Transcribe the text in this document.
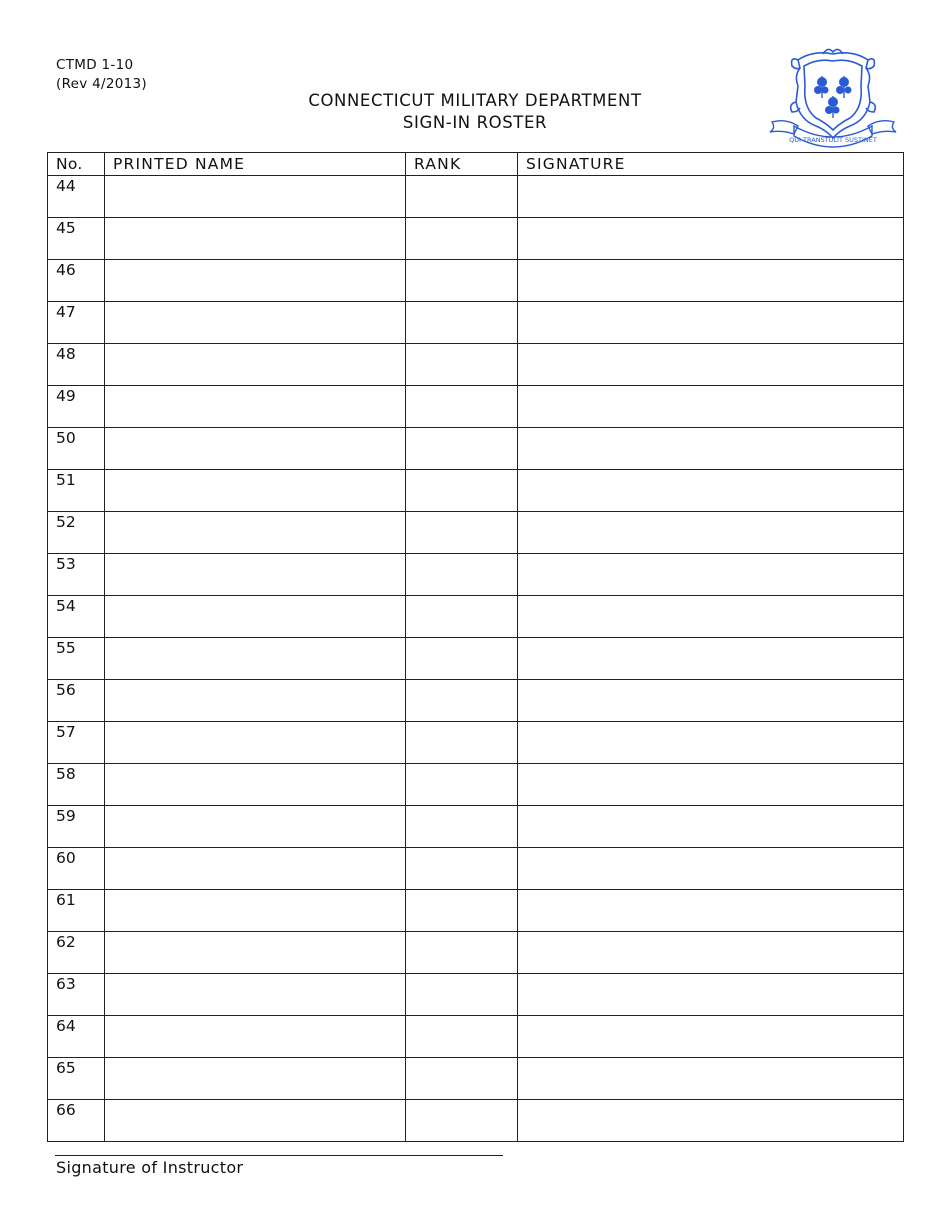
CTMD 1-10
(Rev 4/2013)
CONNECTICUT MILITARY DEPARTMENT
SIGN-IN ROSTER
QUI TRANSTULIT SUSTINET
No.	PRINTED NAME	RANK	SIGNATURE
44			
45			
46			
47			
48			
49			
50			
51			
52			
53			
54			
55			
56			
57			
58			
59			
60			
61			
62			
63			
64			
65			
66			
Signature of Instructor
